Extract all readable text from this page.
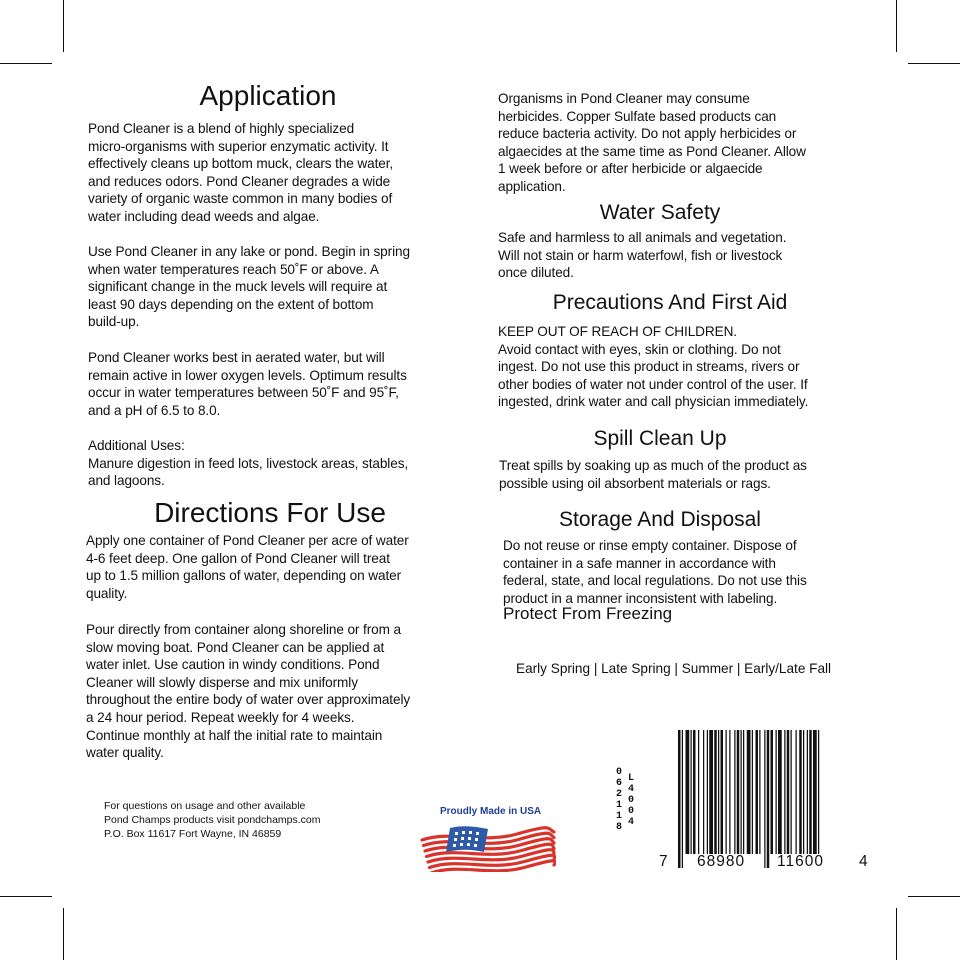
Application
Pond Cleaner is a blend of highly specialized
micro-organisms with superior enzymatic activity. It
effectively cleans up bottom muck, clears the water,
and reduces odors. Pond Cleaner degrades a wide
variety of organic waste common in many bodies of
water including dead weeds and algae.
Use Pond Cleaner in any lake or pond. Begin in spring
when water temperatures reach 50˚F or above. A
significant change in the muck levels will require at
least 90 days depending on the extent of bottom
build-up.
Pond Cleaner works best in aerated water, but will
remain active in lower oxygen levels. Optimum results
occur in water temperatures between 50˚F and 95˚F,
and a pH of 6.5 to 8.0.
Additional Uses:
Manure digestion in feed lots, livestock areas, stables,
and lagoons.
Directions For Use
Apply one container of Pond Cleaner per acre of water
4-6 feet deep. One gallon of Pond Cleaner will treat
up to 1.5 million gallons of water, depending on water
quality.
Pour directly from container along shoreline or from a
slow moving boat. Pond Cleaner can be applied at
water inlet. Use caution in windy conditions. Pond
Cleaner will slowly disperse and mix uniformly
throughout the entire body of water over approximately
a 24 hour period. Repeat weekly for 4 weeks.
Continue monthly at half the initial rate to maintain
water quality.
For questions on usage and other available
Pond Champs products visit pondchamps.com
P.O. Box 11617 Fort Wayne, IN 46859
Proudly Made in USA
Organisms in Pond Cleaner may consume
herbicides. Copper Sulfate based products can
reduce bacteria activity. Do not apply herbicides or
algaecides at the same time as Pond Cleaner. Allow
1 week before or after herbicide or algaecide
application.
Water Safety
Safe and harmless to all animals and vegetation.
Will not stain or harm waterfowl, fish or livestock
once diluted.
Precautions And First Aid
KEEP OUT OF REACH OF CHILDREN.
Avoid contact with eyes, skin or clothing. Do not
ingest. Do not use this product in streams, rivers or
other bodies of water not under control of the user. If
ingested, drink water and call physician immediately.
Spill Clean Up
Treat spills by soaking up as much of the product as
possible using oil absorbent materials or rags.
Storage And Disposal
Do not reuse or rinse empty container. Dispose of
container in a safe manner in accordance with
federal, state, and local regulations. Do not use this
product in a manner inconsistent with labeling.
Protect From Freezing
Early Spring | Late Spring | Summer | Early/Late Fall
0
6
2
1
1
8
L
4
0
0
4
7 68980 11600 4
